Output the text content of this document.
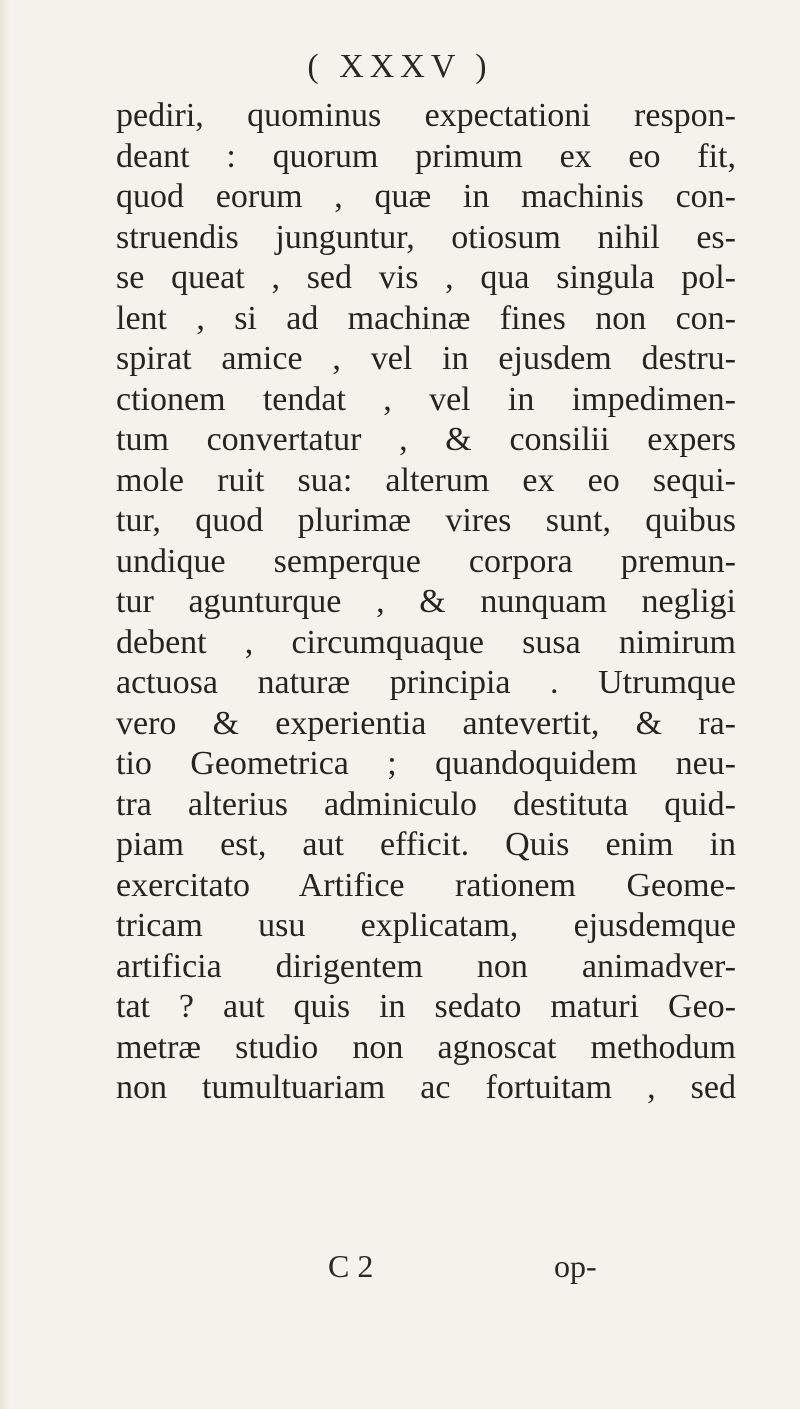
( XXXV )
pediri, quominus expectationi respon-
deant : quorum primum ex eo fit,
quod eorum , quæ in machinis con-
struendis junguntur, otiosum nihil es-
se queat , sed vis , qua singula pol-
lent , si ad machinæ fines non con-
spirat amice , vel in ejusdem destru-
ctionem tendat , vel in impedimen-
tum convertatur , & consilii expers
mole ruit sua: alterum ex eo sequi-
tur, quod plurimæ vires sunt, quibus
undique semperque corpora premun-
tur agunturque , & nunquam negligi
debent , circumquaque susa nimirum
actuosa naturæ principia . Utrumque
vero & experientia antevertit, & ra-
tio Geometrica ; quandoquidem neu-
tra alterius adminiculo destituta quid-
piam est, aut efficit. Quis enim in
exercitato Artifice rationem Geome-
tricam usu explicatam, ejusdemque
artificia dirigentem non animadver-
tat ? aut quis in sedato maturi Geo-
metræ studio non agnoscat methodum
non tumultuariam ac fortuitam , sed
C 2	op-
